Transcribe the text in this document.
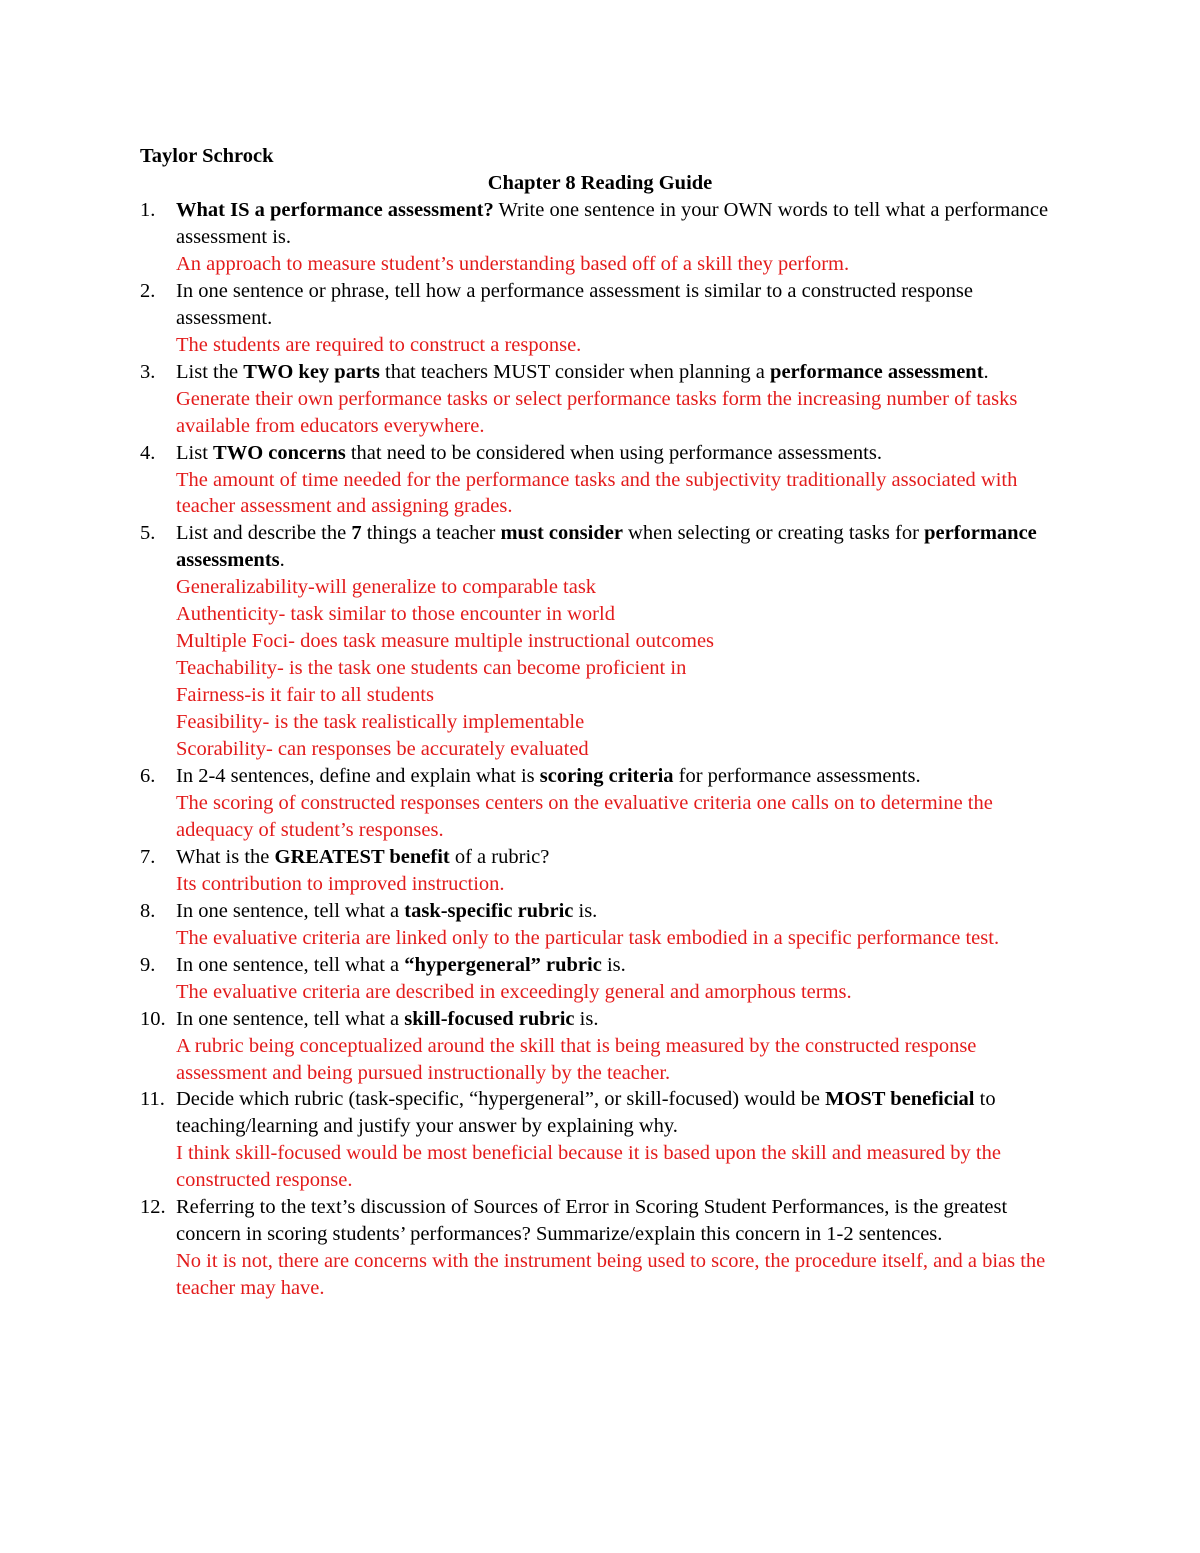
Taylor Schrock
Chapter 8 Reading Guide
1. What IS a performance assessment? Write one sentence in your OWN words to tell what a performance assessment is.
An approach to measure student’s understanding based off of a skill they perform.
2. In one sentence or phrase, tell how a performance assessment is similar to a constructed response assessment.
The students are required to construct a response.
3. List the TWO key parts that teachers MUST consider when planning a performance assessment.
Generate their own performance tasks or select performance tasks form the increasing number of tasks available from educators everywhere.
4. List TWO concerns that need to be considered when using performance assessments.
The amount of time needed for the performance tasks and the subjectivity traditionally associated with teacher assessment and assigning grades.
5. List and describe the 7 things a teacher must consider when selecting or creating tasks for performance assessments.
Generalizability-will generalize to comparable task
Authenticity- task similar to those encounter in world
Multiple Foci- does task measure multiple instructional outcomes
Teachability- is the task one students can become proficient in
Fairness-is it fair to all students
Feasibility- is the task realistically implementable
Scorability- can responses be accurately evaluated
6. In 2-4 sentences, define and explain what is scoring criteria for performance assessments.
The scoring of constructed responses centers on the evaluative criteria one calls on to determine the adequacy of student’s responses.
7. What is the GREATEST benefit of a rubric?
Its contribution to improved instruction.
8. In one sentence, tell what a task-specific rubric is.
The evaluative criteria are linked only to the particular task embodied in a specific performance test.
9. In one sentence, tell what a “hypergeneral” rubric is.
The evaluative criteria are described in exceedingly general and amorphous terms.
10. In one sentence, tell what a skill-focused rubric is.
A rubric being conceptualized around the skill that is being measured by the constructed response assessment and being pursued instructionally by the teacher.
11. Decide which rubric (task-specific, “hypergeneral”, or skill-focused) would be MOST beneficial to teaching/learning and justify your answer by explaining why.
I think skill-focused would be most beneficial because it is based upon the skill and measured by the constructed response.
12. Referring to the text’s discussion of Sources of Error in Scoring Student Performances, is the greatest concern in scoring students’ performances? Summarize/explain this concern in 1-2 sentences.
No it is not, there are concerns with the instrument being used to score, the procedure itself, and a bias the teacher may have.
